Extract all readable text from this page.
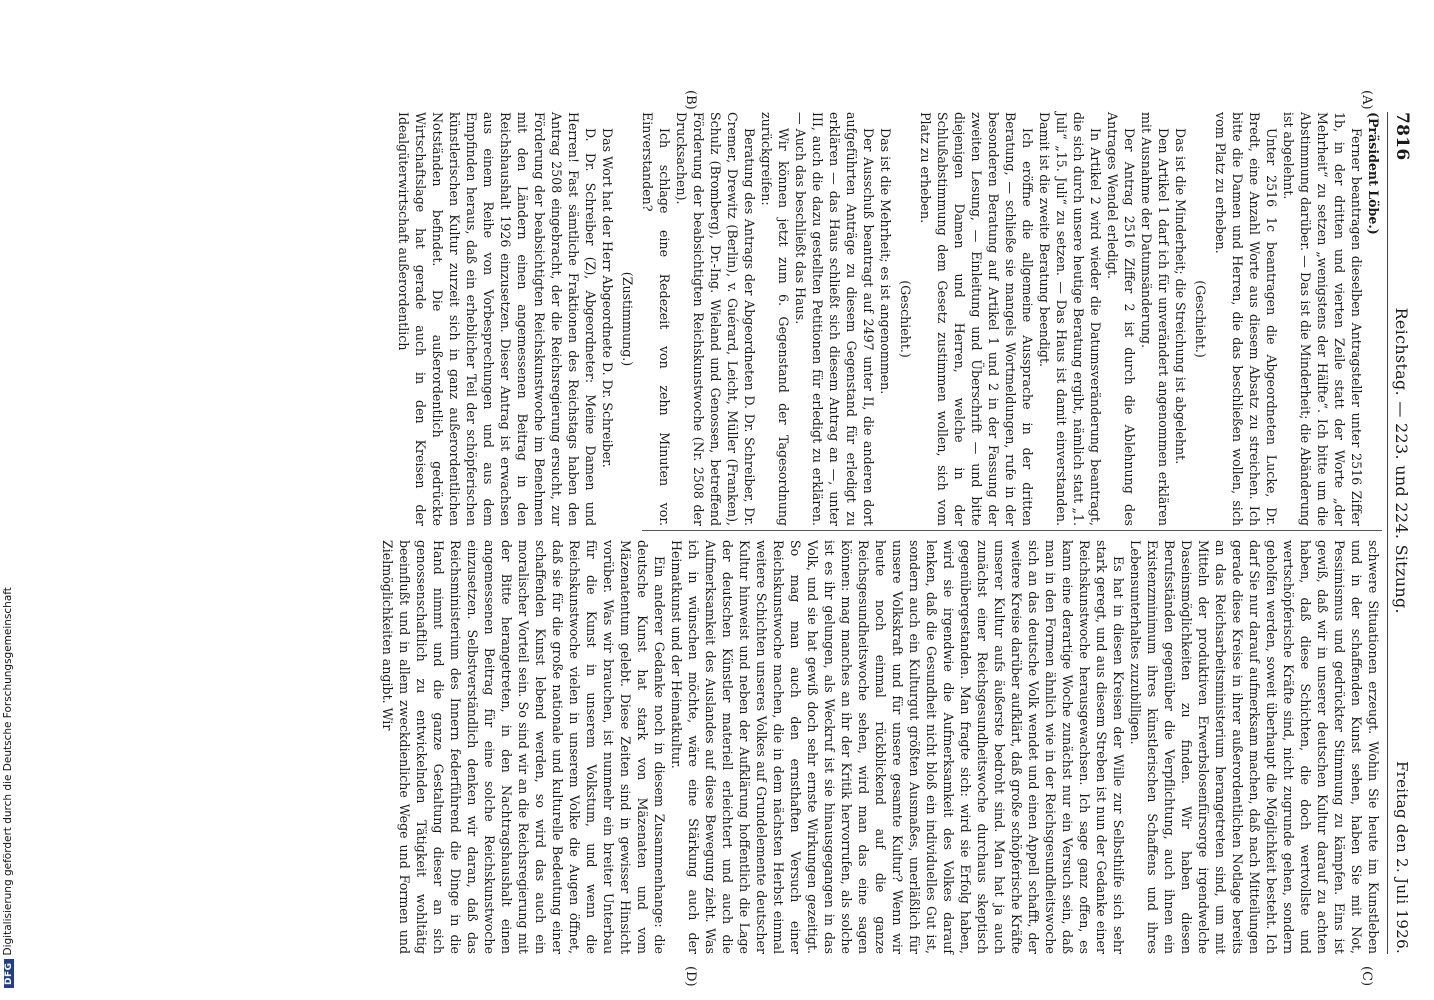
7816
Reichstag. — 223. und 224. Sitzung.
Freitag den 2. Juli 1926.
(A)
(B)
(C)
(D)

(Präsident Löbe.)

Ferner beantragen dieselben Antragsteller unter 2516 Ziffer 1b, in der dritten und vierten Zeile statt der Worte „der Mehrheit“ zu setzen „wenigstens der Hälfte“. Ich bitte um die Abstimmung darüber. — Das ist die Minderheit; die Abänderung ist abgelehnt.

Unter 2516 1c beantragen die Abgeordneten Lucke, Dr. Bredt, eine Anzahl Worte aus diesem Absatz zu streichen. Ich bitte die Damen und Herren, die das beschließen wollen, sich vom Platz zu erheben.

(Geschieht.)

Das ist die Minderheit; die Streichung ist abgelehnt.

Den Artikel 1 darf ich für unverändert angenommen erklären mit Ausnahme der Datumsänderung.

Der Antrag 2516 Ziffer 2 ist durch die Ablehnung des Antrages Wendel erledigt.

In Artikel 2 wird wieder die Datumsveränderung beantragt, die sich durch unsere heutige Beratung ergibt, nämlich statt „1. Juli“ „15. Juli“ zu setzen. — Das Haus ist damit einverstanden. Damit ist die zweite Beratung beendigt.

Ich eröffne die allgemeine Aussprache in der dritten Beratung, — schließe sie mangels Wortmeldungen, rufe in der besonderen Beratung auf Artikel 1 und 2 in der Fassung der zweiten Lesung, — Einleitung und Überschrift — und bitte diejenigen Damen und Herren, welche in der Schlußabstimmung dem Gesetz zustimmen wollen, sich vom Platz zu erheben.

(Geschieht.)

Das ist die Mehrheit; es ist angenommen.

Der Ausschuß beantragt auf 2497 unter II, die anderen dort aufgeführten Anträge zu diesem Gegenstand für erledigt zu erklären — das Haus schließt sich diesem Antrag an —, unter III, auch die dazu gestellten Petitionen für erledigt zu erklären. — Auch das beschließt das Haus.

Wir können jetzt zum 6. Gegenstand der Tagesordnung zurückgreifen:

Beratung des Antrags der Abgeordneten D. Dr. Schreiber, Dr. Cremer, Drewitz (Berlin), v. Guérard, Leicht, Müller (Franken), Schulz (Bromberg), Dr.-Ing. Wieland und Genossen, betreffend Förderung der beabsichtigten Reichskunstwoche (Nr. 2508 der Drucksachen).

Ich schlage eine Redezeit von zehn Minuten vor. Einverstanden?

(Zustimmung.)

Das Wort hat der Herr Abgeordnete D. Dr. Schreiber.

D. Dr. Schreiber (Z), Abgeordneter: Meine Damen und Herren! Fast sämtliche Fraktionen des Reichstags haben den Antrag 2508 eingebracht, der die Reichsregierung ersucht, zur Förderung der beabsichtigten Reichskunstwoche im Benehmen mit den Ländern einen angemessenen Beitrag in den Reichshaushalt 1926 einzusetzen. Dieser Antrag ist erwachsen aus einem Reihe von Vorbesprechungen und aus dem Empfinden heraus, daß ein erheblicher Teil der schöpferischen künstlerischen Kultur zurzeit sich in ganz außerordentlichen Notständen befindet. Die außerordentlich gedrückte Wirtschaftslage hat gerade auch in den Kreisen der Idealgüterwirtschaft außerordentlich

schwere Situationen erzeugt. Wohin Sie heute im Kunstleben und in der schaffenden Kunst sehen, haben Sie mit Not, Pessimismus und gedrückter Stimmung zu kämpfen. Eins ist gewiß, daß wir in unserer deutschen Kultur darauf zu achten haben, daß diese Schichten, die doch wertvollste und wertschöpferische Kräfte sind, nicht zugrunde gehen, sondern geholfen werden, soweit überhaupt die Möglichkeit besteht. Ich darf Sie nur darauf aufmerksam machen, daß nach Mitteilungen gerade diese Kreise in ihrer außerordentlichen Notlage bereits an das Reichsarbeitsministerium herangetreten sind, um mit Mitteln der produktiven Erwerbslosenfürsorge irgendwelche Daseinsmöglichkeiten zu finden. Wir haben diesen Berufsständen gegenüber die Verpflichtung, auch ihnen ein Existenzminimum ihres künstlerischen Schaffens und ihres Lebensunterhaltes zuzubilligen.

Es hat in diesen Kreisen der Wille zur Selbsthilfe sich sehr stark geregt, und aus diesem Streben ist nun der Gedanke einer Reichskunstwoche herausgewachsen. Ich sage ganz offen, es kann eine derartige Woche zunächst nur ein Versuch sein, daß man in den Formen ähnlich wie in der Reichsgesundheitswoche sich an das deutsche Volk wendet und einen Appell schafft, der weitere Kreise darüber aufklärt, daß große schöpferische Kräfte unserer Kultur aufs äußerste bedroht sind. Man hat ja auch zunächst einer Reichsgesundheitswoche durchaus skeptisch gegenübergestanden. Man fragte sich: wird sie Erfolg haben, wird sie irgendwie die Aufmerksamkeit des Volkes darauf lenken, daß die Gesundheit nicht bloß ein individuelles Gut ist, sondern auch ein Kulturgut größten Ausmaßes, unerläßlich für unsere Volkskraft und für unsere gesamte Kultur? Wenn wir heute noch einmal rückblickend auf die ganze Reichsgesundheitswoche sehen, wird man das eine sagen können: mag manches an ihr der Kritik hervorrufen, als solche ist es ihr gelungen, als Weckruf ist sie hinausgegangen in das Volk, und sie hat gewiß doch sehr ernste Wirkungen gezeitigt. So mag man auch den ernsthaften Versuch einer Reichskunstwoche machen, die in dem nächsten Herbst einmal weitere Schichten unseres Volkes auf Grundelemente deutscher Kultur hinweist und neben der Aufklärung hoffentlich die Lage der deutschen Künstler materiell erleichtert und auch die Aufmerksamkeit des Auslandes auf diese Bewegung zieht. Was ich in wünschen möchte, wäre eine Stärkung auch der Heimatkunst und der Heimatkultur.

Ein anderer Gedanke noch in diesem Zusammenhange: die deutsche Kunst hat stark von Mäzenaten und vom Mäzenatentum gelebt. Diese Zeiten sind in gewisser Hinsicht vorüber. Was wir brauchen, ist nunmehr ein breiter Unterbau für die Kunst in unserem Volkstum, und wenn die Reichskunstwoche vielen in unserem Volke die Augen öffnet, daß sie für die große nationale und kulturelle Bedeutung einer schaffenden Kunst lebend werden, so wird das auch ein moralischer Vorteil sein. So sind wir an die Reichsregierung mit der Bitte herangetreten, in den Nachtragshaushalt einen angemessenen Beitrag für eine solche Reichskunstwoche einzusetzen. Selbstverständlich denken wir daran, daß das Reichsministerium des Innern federführend die Dinge in die Hand nimmt und die ganze Gestaltung dieser an sich genossenschaftlich zu entwickelnden Tätigkeit wohltätig beeinflußt und in allem zweckdienliche Wege und Formen und Zielmöglichkeiten angibt. Wir

DFGDigitalisierung gefördert durch die Deutsche Forschungsgemeinschaft
